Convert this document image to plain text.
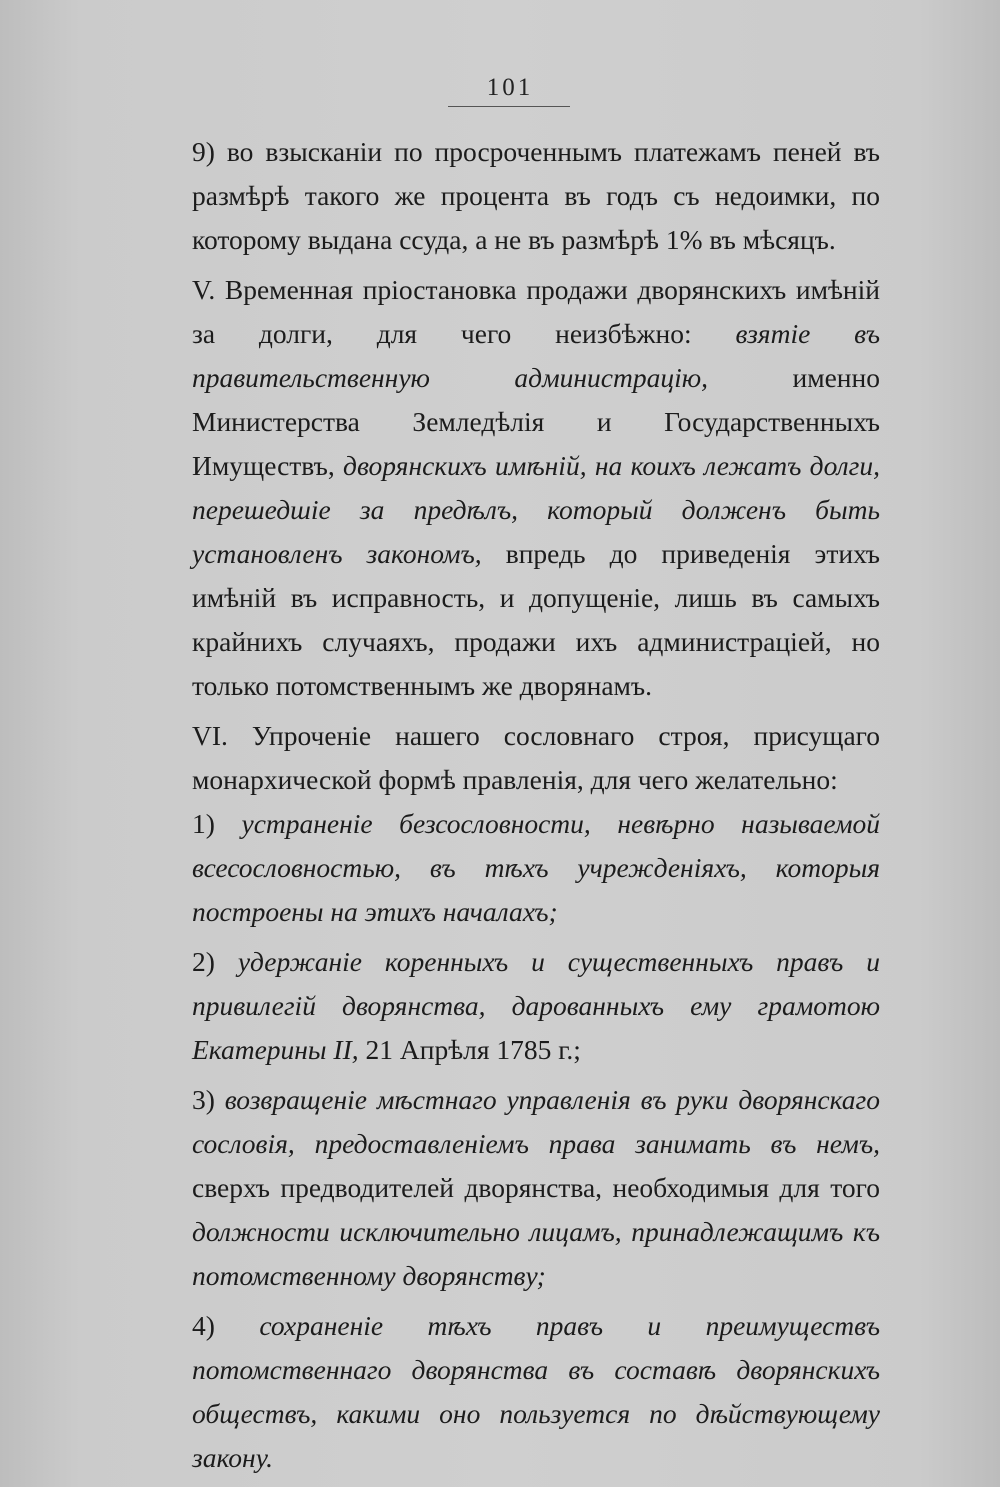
101

9) во взысканіи по просроченнымъ платежамъ пеней въ размѣрѣ такого же процента въ годъ съ недоимки, по которому выдана ссуда, а не въ размѣрѣ 1% въ мѣсяцъ.

V. Временная пріостановка продажи дворянскихъ имѣній за долги, для чего неизбѣжно: взятіе въ правительственную администрацію, именно Министерства Земледѣлія и Государственныхъ Имуществъ, дворянскихъ имѣній, на коихъ лежатъ долги, перешедшіе за предѣлъ, который долженъ быть установленъ закономъ, впредь до приведенія этихъ имѣній въ исправность, и допущеніе, лишь въ самыхъ крайнихъ случаяхъ, продажи ихъ администраціей, но только потомственнымъ же дворянамъ.

VI. Упроченіе нашего сословнаго строя, присущаго монархической формѣ правленія, для чего желательно:

1) устраненіе безсословности, невѣрно называемой всесословностью, въ тѣхъ учрежденіяхъ, которыя построены на этихъ началахъ;

2) удержаніе коренныхъ и существенныхъ правъ и привилегій дворянства, дарованныхъ ему грамотою Екатерины II, 21 Апрѣля 1785 г.;

3) возвращеніе мѣстнаго управленія въ руки дворянскаго сословія, предоставленіемъ права занимать въ немъ, сверхъ предводителей дворянства, необходимыя для того должности исключительно лицамъ, принадлежащимъ къ потомственному дворянству;

4) сохраненіе тѣхъ правъ и преимуществъ потомственнаго дворянства въ составѣ дворянскихъ обществъ, какими оно пользуется по дѣйствующему закону.
